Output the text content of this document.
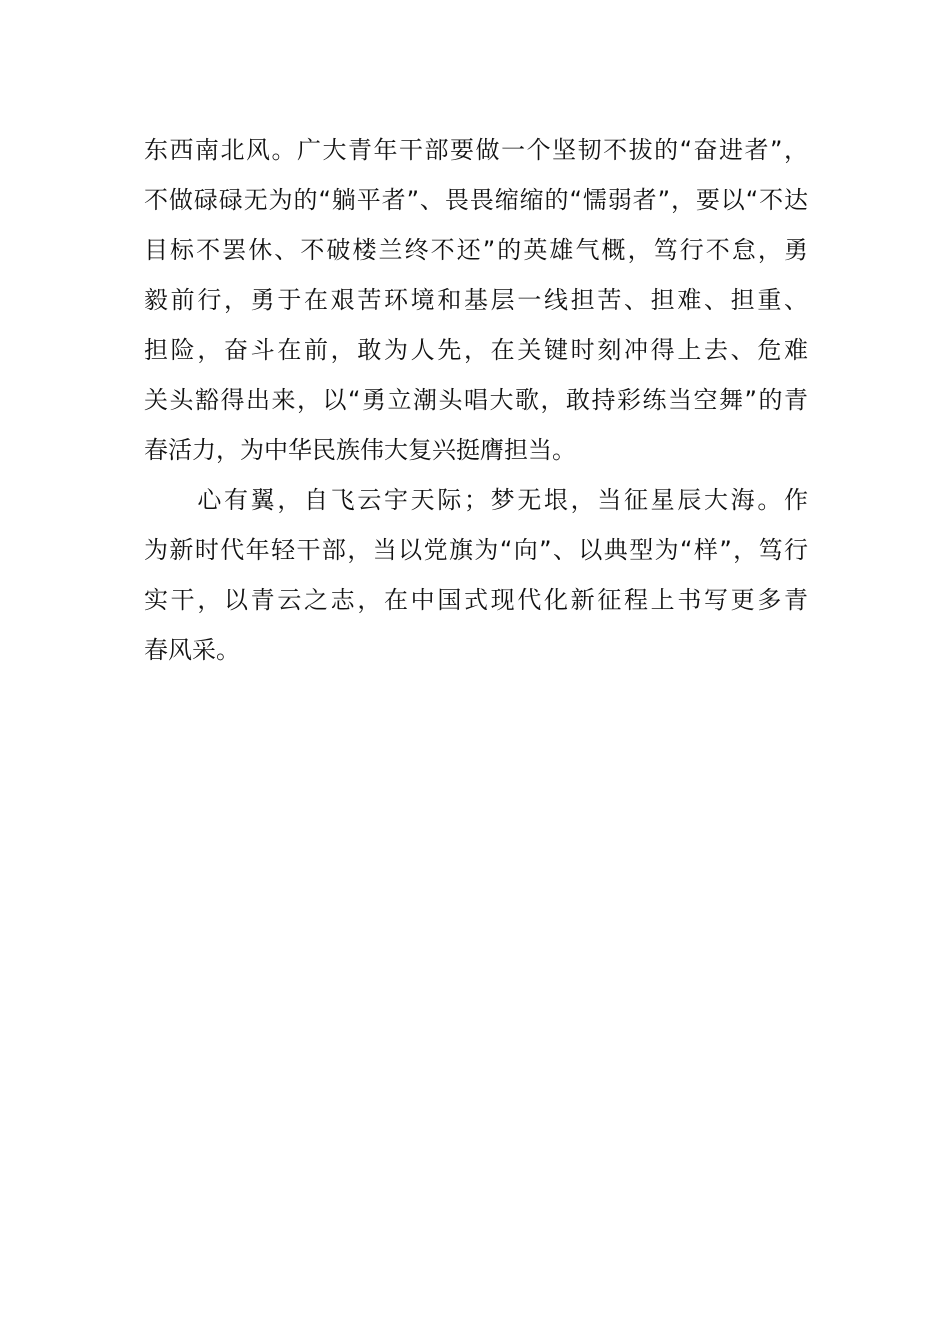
东西南北风。广大青年干部要做一个坚韧不拔的“奋进者”，
不做碌碌无为的“躺平者”、畏畏缩缩的“懦弱者”，要以“不达
目标不罢休、不破楼兰终不还”的英雄气概，笃行不怠，勇
毅前行，勇于在艰苦环境和基层一线担苦、担难、担重、
担险，奋斗在前，敢为人先，在关键时刻冲得上去、危难
关头豁得出来，以“勇立潮头唱大歌，敢持彩练当空舞”的青
春活力，为中华民族伟大复兴挺膺担当。
　　心有翼，自飞云宇天际；梦无垠，当征星辰大海。作
为新时代年轻干部，当以党旗为“向”、以典型为“样”，笃行
实干，以青云之志，在中国式现代化新征程上书写更多青
春风采。
